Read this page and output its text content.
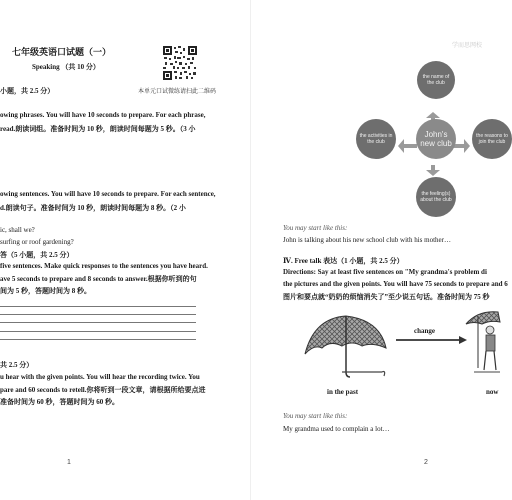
七年级英语口试题（一）
Speaking （共 10 分）
本单元口试微练请扫此二维码
小题，共 2.5 分）
owing phrases. You will have 10 seconds to prepare. For each phrase,
read.朗读词组。准备时间为 10 秒，朗读时间每题为 5 秒。（3 小
owing sentences. You will have 10 seconds to prepare. For each sentence,
d.朗读句子。准备时间为 10 秒，朗读时间每题为 8 秒。（2 小
ic, shall we?
surfing or roof gardening?
答（5 小题，共 2.5 分）
five sentences. Make quick responses to the sentences you have heard.
ave 5 seconds to prepare and 8 seconds to answer.根据你听到的句
间为 5 秒，答题时间为 8 秒。
共 2.5 分）
u hear with the given points. You will hear the recording twice. You
pare and 60 seconds to retell.你将听到一段文章，请根据所给要点进
准备时间为 60 秒，答题时间为 60 秒。
1
学而思网校
the name of the club
the activities in the club
John's new club
the reasons to join the club
the feeling(s) about the club
You may start like this:
John is talking about his new school club with his mother…
Ⅳ. Free talk 表达（1 小题，共 2.5 分）
Directions: Say at least five sentences on "My grandma's problem di
the pictures and the given points. You will have 75 seconds to prepare and 6
图片和要点就“奶奶的烦恼消失了”至少说五句话。准备时间为 75 秒
change
in the past	now
You may start like this:
My grandma used to complain a lot…
2
